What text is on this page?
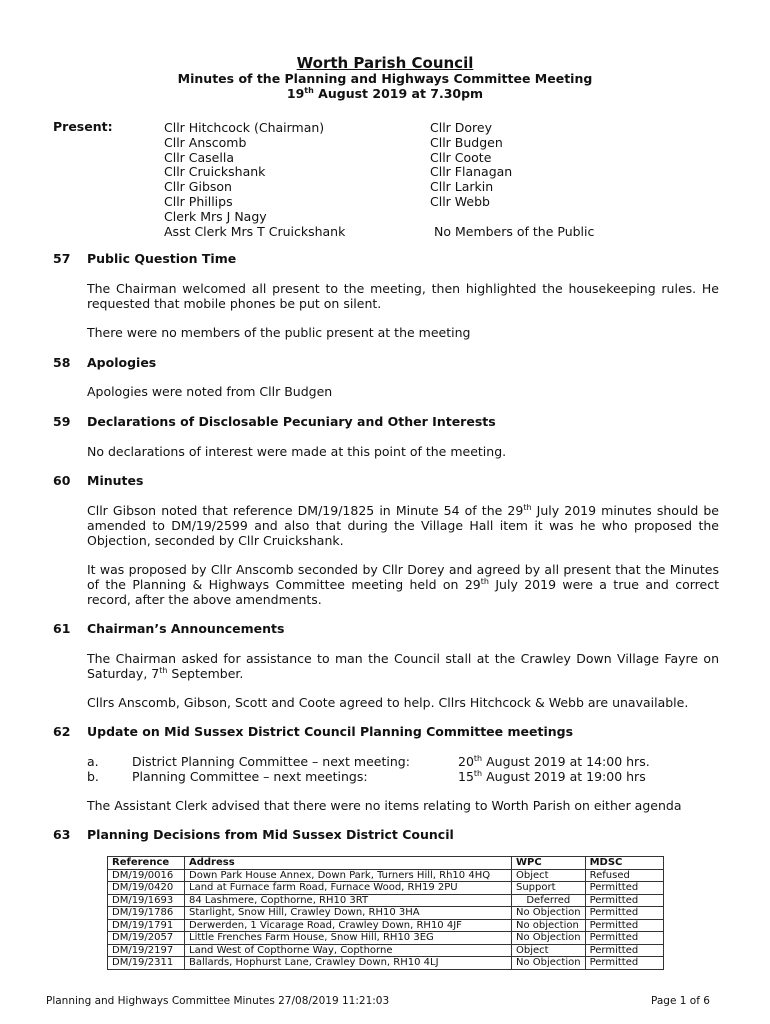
Worth Parish Council
Minutes of the Planning and Highways Committee Meeting
19th August 2019 at 7.30pm
Present:	Cllr Hitchcock (Chairman)
Cllr Anscomb
Cllr Casella
Cllr Cruickshank
Cllr Gibson
Cllr Phillips
Clerk Mrs J Nagy
Asst Clerk Mrs T Cruickshank
Cllr Dorey
Cllr Budgen
Cllr Coote
Cllr Flanagan
Cllr Larkin
Cllr Webb
No Members of the Public
57 Public Question Time
The Chairman welcomed all present to the meeting, then highlighted the housekeeping rules. He requested that mobile phones be put on silent.
There were no members of the public present at the meeting
58 Apologies
Apologies were noted from Cllr Budgen
59 Declarations of Disclosable Pecuniary and Other Interests
No declarations of interest were made at this point of the meeting.
60 Minutes
Cllr Gibson noted that reference DM/19/1825 in Minute 54 of the 29th July 2019 minutes should be amended to DM/19/2599 and also that during the Village Hall item it was he who proposed the Objection, seconded by Cllr Cruickshank.
It was proposed by Cllr Anscomb seconded by Cllr Dorey and agreed by all present that the Minutes of the Planning & Highways Committee meeting held on 29th July 2019 were a true and correct record, after the above amendments.
61 Chairman’s Announcements
The Chairman asked for assistance to man the Council stall at the Crawley Down Village Fayre on Saturday, 7th September.
Cllrs Anscomb, Gibson, Scott and Coote agreed to help. Cllrs Hitchcock & Webb are unavailable.
62 Update on Mid Sussex District Council Planning Committee meetings
a.	District Planning Committee – next meeting:	20th August 2019 at 14:00 hrs.
b.	Planning Committee – next meetings:	15th August 2019 at 19:00 hrs
The Assistant Clerk advised that there were no items relating to Worth Parish on either agenda
63 Planning Decisions from Mid Sussex District Council
Reference	Address	WPC	MDSC
DM/19/0016	Down Park House Annex, Down Park, Turners Hill, Rh10 4HQ	Object	Refused
DM/19/0420	Land at Furnace farm Road, Furnace Wood, RH19 2PU	Support	Permitted
DM/19/1693	84 Lashmere, Copthorne, RH10 3RT	Deferred	Permitted
DM/19/1786	Starlight, Snow Hill, Crawley Down, RH10 3HA	No Objection	Permitted
DM/19/1791	Derwerden, 1 Vicarage Road, Crawley Down, RH10 4JF	No objection	Permitted
DM/19/2057	Little Frenches Farm House, Snow Hill, RH10 3EG	No Objection	Permitted
DM/19/2197	Land West of Copthorne Way, Copthorne	Object	Permitted
DM/19/2311	Ballards, Hophurst Lane, Crawley Down, RH10 4LJ	No Objection	Permitted
Planning and Highways Committee Minutes 27/08/2019 11:21:03	Page 1 of 6
